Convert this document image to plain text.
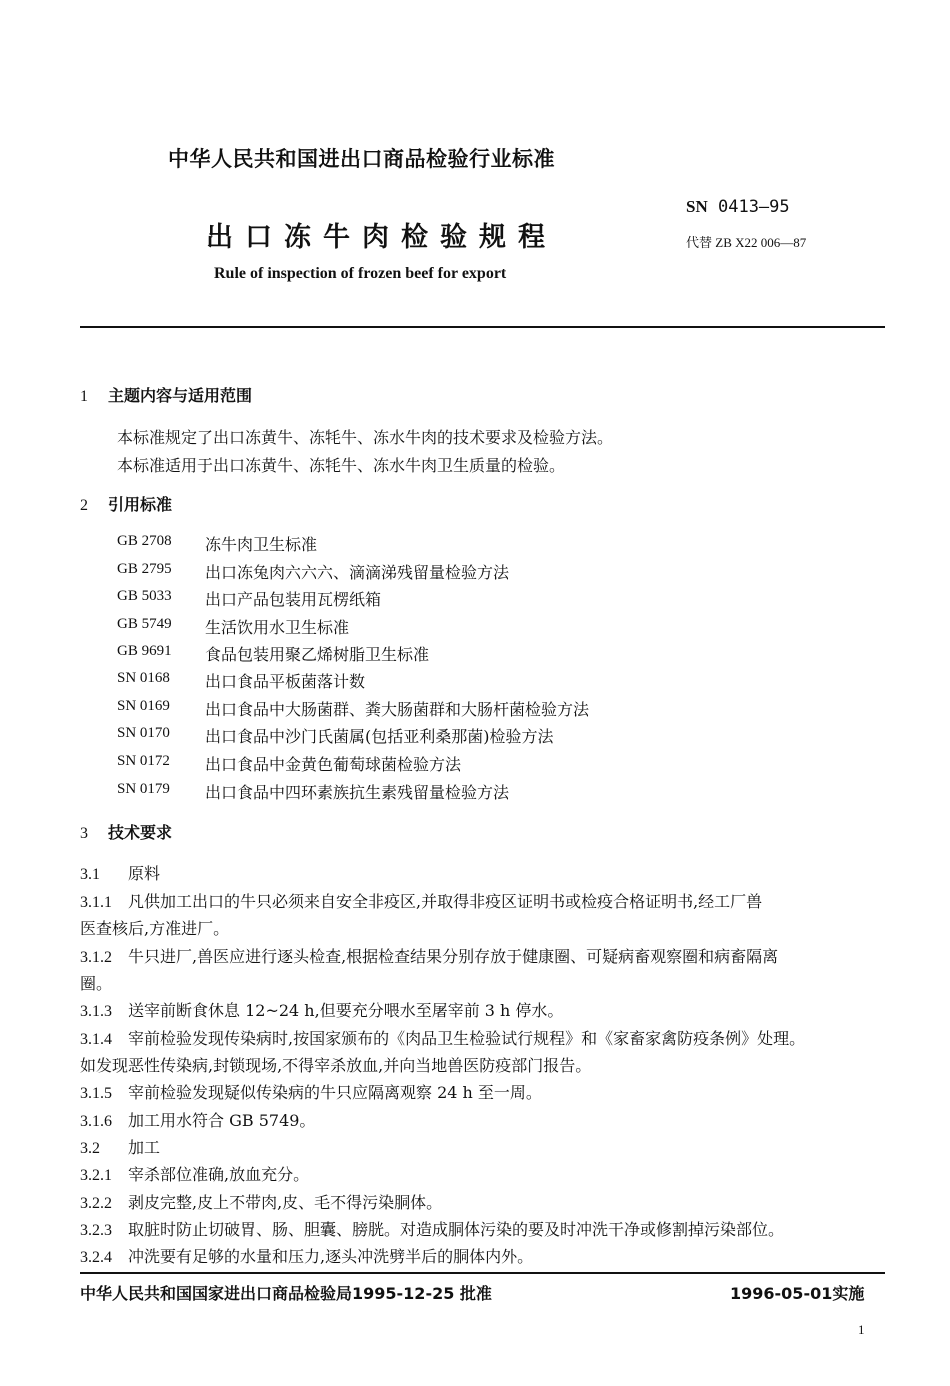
中华人民共和国进出口商品检验行业标准
SN 0413—95
出口冻牛肉检验规程	代替 ZB X22 006—87
Rule of inspection of frozen beef for export
1 主题内容与适用范围
本标准规定了出口冻黄牛、冻牦牛、冻水牛肉的技术要求及检验方法。
本标准适用于出口冻黄牛、冻牦牛、冻水牛肉卫生质量的检验。
2 引用标准
GB 2708 冻牛肉卫生标准
GB 2795 出口冻兔肉六六六、滴滴涕残留量检验方法
GB 5033 出口产品包装用瓦楞纸箱
GB 5749 生活饮用水卫生标准
GB 9691 食品包装用聚乙烯树脂卫生标准
SN 0168 出口食品平板菌落计数
SN 0169 出口食品中大肠菌群、粪大肠菌群和大肠杆菌检验方法
SN 0170 出口食品中沙门氏菌属(包括亚利桑那菌)检验方法
SN 0172 出口食品中金黄色葡萄球菌检验方法
SN 0179 出口食品中四环素族抗生素残留量检验方法
3 技术要求
3.1 原料
3.1.1 凡供加工出口的牛只必须来自安全非疫区,并取得非疫区证明书或检疫合格证明书,经工厂兽
医查核后,方准进厂。
3.1.2 牛只进厂,兽医应进行逐头检查,根据检查结果分别存放于健康圈、可疑病畜观察圈和病畜隔离
圈。
3.1.3 送宰前断食休息 12~24 h,但要充分喂水至屠宰前 3 h 停水。
3.1.4 宰前检验发现传染病时,按国家颁布的《肉品卫生检验试行规程》和《家畜家禽防疫条例》处理。
如发现恶性传染病,封锁现场,不得宰杀放血,并向当地兽医防疫部门报告。
3.1.5 宰前检验发现疑似传染病的牛只应隔离观察 24 h 至一周。
3.1.6 加工用水符合 GB 5749。
3.2 加工
3.2.1 宰杀部位准确,放血充分。
3.2.2 剥皮完整,皮上不带肉,皮、毛不得污染胴体。
3.2.3 取脏时防止切破胃、肠、胆囊、膀胱。对造成胴体污染的要及时冲洗干净或修割掉污染部位。
3.2.4 冲洗要有足够的水量和压力,逐头冲洗劈半后的胴体内外。
中华人民共和国国家进出口商品检验局1995-12-25 批准	1996-05-01实施
1
